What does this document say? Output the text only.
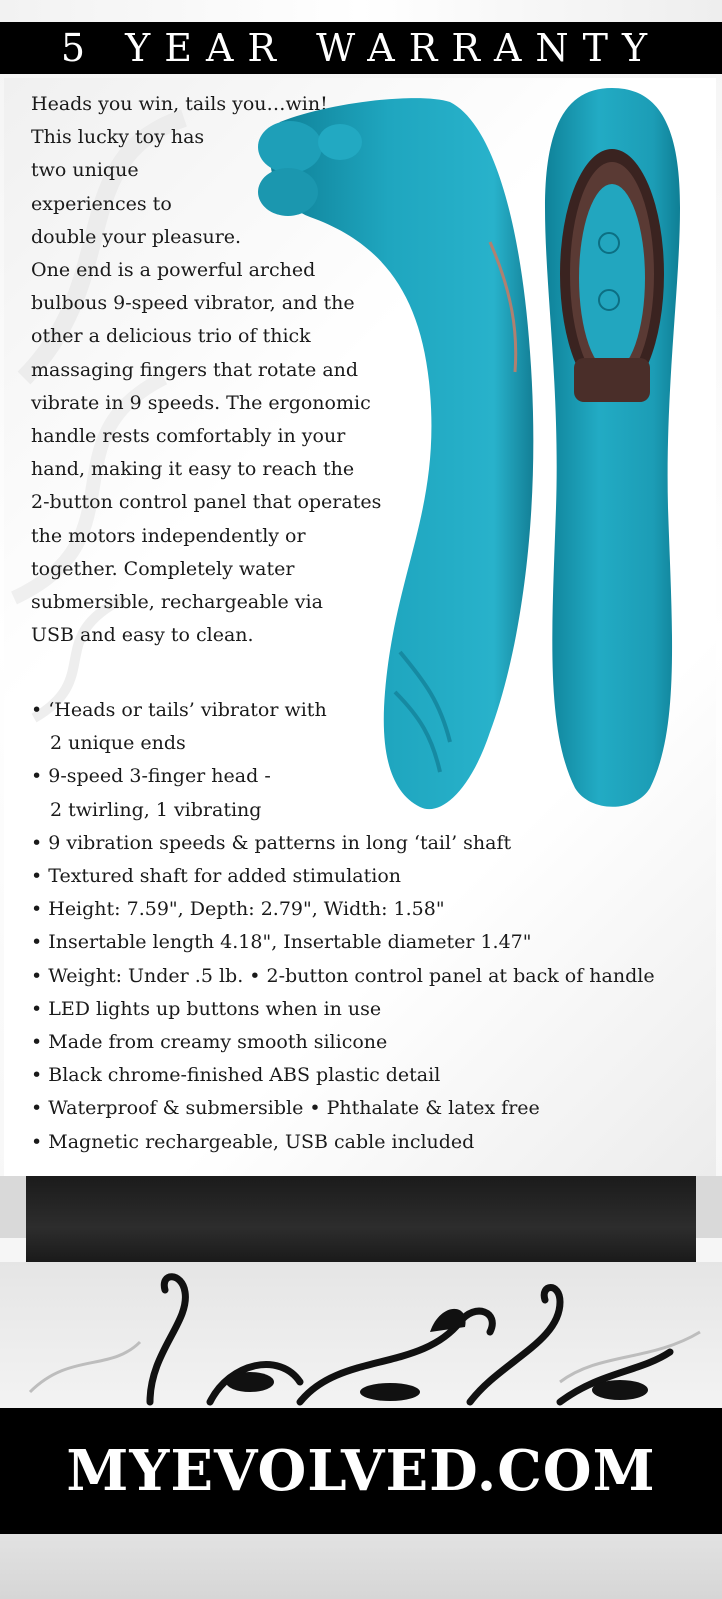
5 YEAR WARRANTY
Heads you win, tails you…win!
This lucky toy has
two unique
experiences to
double your pleasure.
One end is a powerful arched
bulbous 9-speed vibrator, and the
other a delicious trio of thick
massaging fingers that rotate and
vibrate in 9 speeds. The ergonomic
handle rests comfortably in your
hand, making it easy to reach the
2-button control panel that operates
the motors independently or
together. Completely water
submersible, rechargeable via
USB and easy to clean.
• ‘Heads or tails’ vibrator with
2 unique ends
• 9-speed 3-finger head -
2 twirling, 1 vibrating
• 9 vibration speeds & patterns in long ‘tail’ shaft
• Textured shaft for added stimulation
• Height: 7.59", Depth: 2.79", Width: 1.58"
• Insertable length 4.18", Insertable diameter 1.47"
• Weight: Under .5 lb. • 2-button control panel at back of handle
• LED lights up buttons when in use
• Made from creamy smooth silicone
• Black chrome-finished ABS plastic detail
• Waterproof & submersible • Phthalate & latex free
• Magnetic rechargeable, USB cable included
MYEVOLVED.COM
